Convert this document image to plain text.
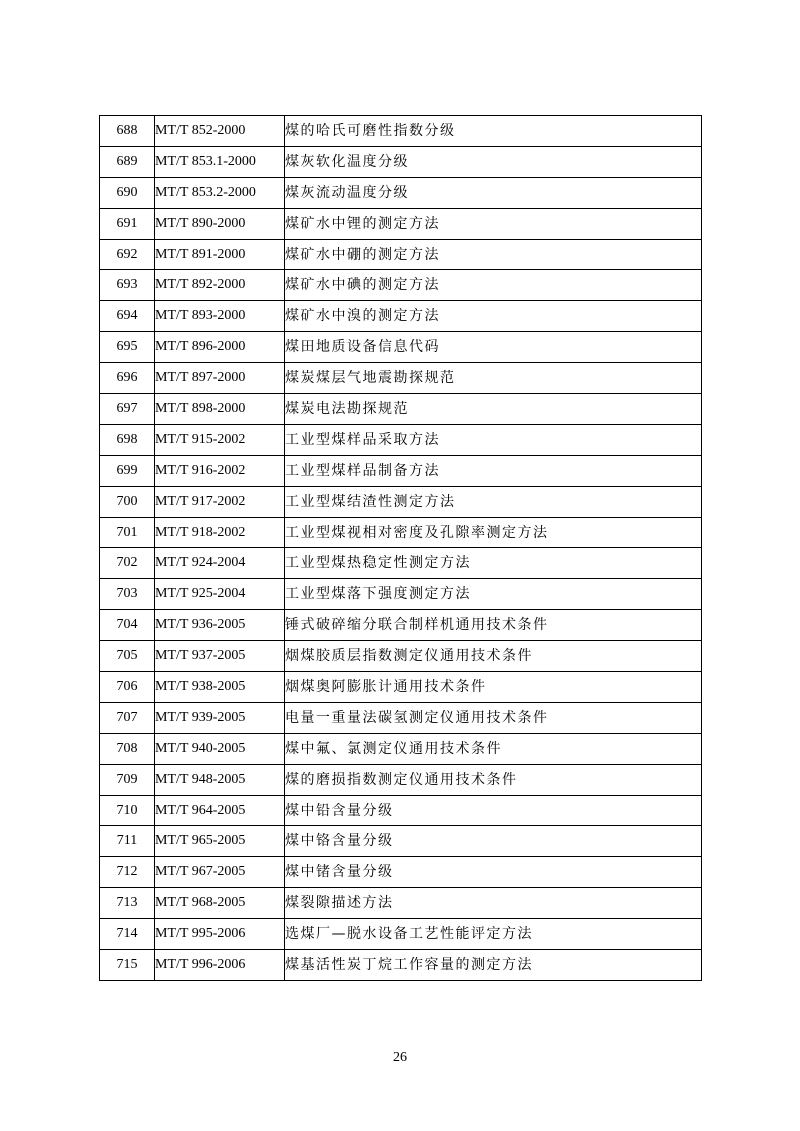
688	MT/T 852-2000	煤的哈氏可磨性指数分级
689	MT/T 853.1-2000	煤灰软化温度分级
690	MT/T 853.2-2000	煤灰流动温度分级
691	MT/T 890-2000	煤矿水中锂的测定方法
692	MT/T 891-2000	煤矿水中硼的测定方法
693	MT/T 892-2000	煤矿水中碘的测定方法
694	MT/T 893-2000	煤矿水中溴的测定方法
695	MT/T 896-2000	煤田地质设备信息代码
696	MT/T 897-2000	煤炭煤层气地震勘探规范
697	MT/T 898-2000	煤炭电法勘探规范
698	MT/T 915-2002	工业型煤样品采取方法
699	MT/T 916-2002	工业型煤样品制备方法
700	MT/T 917-2002	工业型煤结渣性测定方法
701	MT/T 918-2002	工业型煤视相对密度及孔隙率测定方法
702	MT/T 924-2004	工业型煤热稳定性测定方法
703	MT/T 925-2004	工业型煤落下强度测定方法
704	MT/T 936-2005	锤式破碎缩分联合制样机通用技术条件
705	MT/T 937-2005	烟煤胶质层指数测定仪通用技术条件
706	MT/T 938-2005	烟煤奥阿膨胀计通用技术条件
707	MT/T 939-2005	电量一重量法碳氢测定仪通用技术条件
708	MT/T 940-2005	煤中氟、氯测定仪通用技术条件
709	MT/T 948-2005	煤的磨损指数测定仪通用技术条件
710	MT/T 964-2005	煤中铅含量分级
711	MT/T 965-2005	煤中铬含量分级
712	MT/T 967-2005	煤中锗含量分级
713	MT/T 968-2005	煤裂隙描述方法
714	MT/T 995-2006	选煤厂—脱水设备工艺性能评定方法
715	MT/T 996-2006	煤基活性炭丁烷工作容量的测定方法
26
